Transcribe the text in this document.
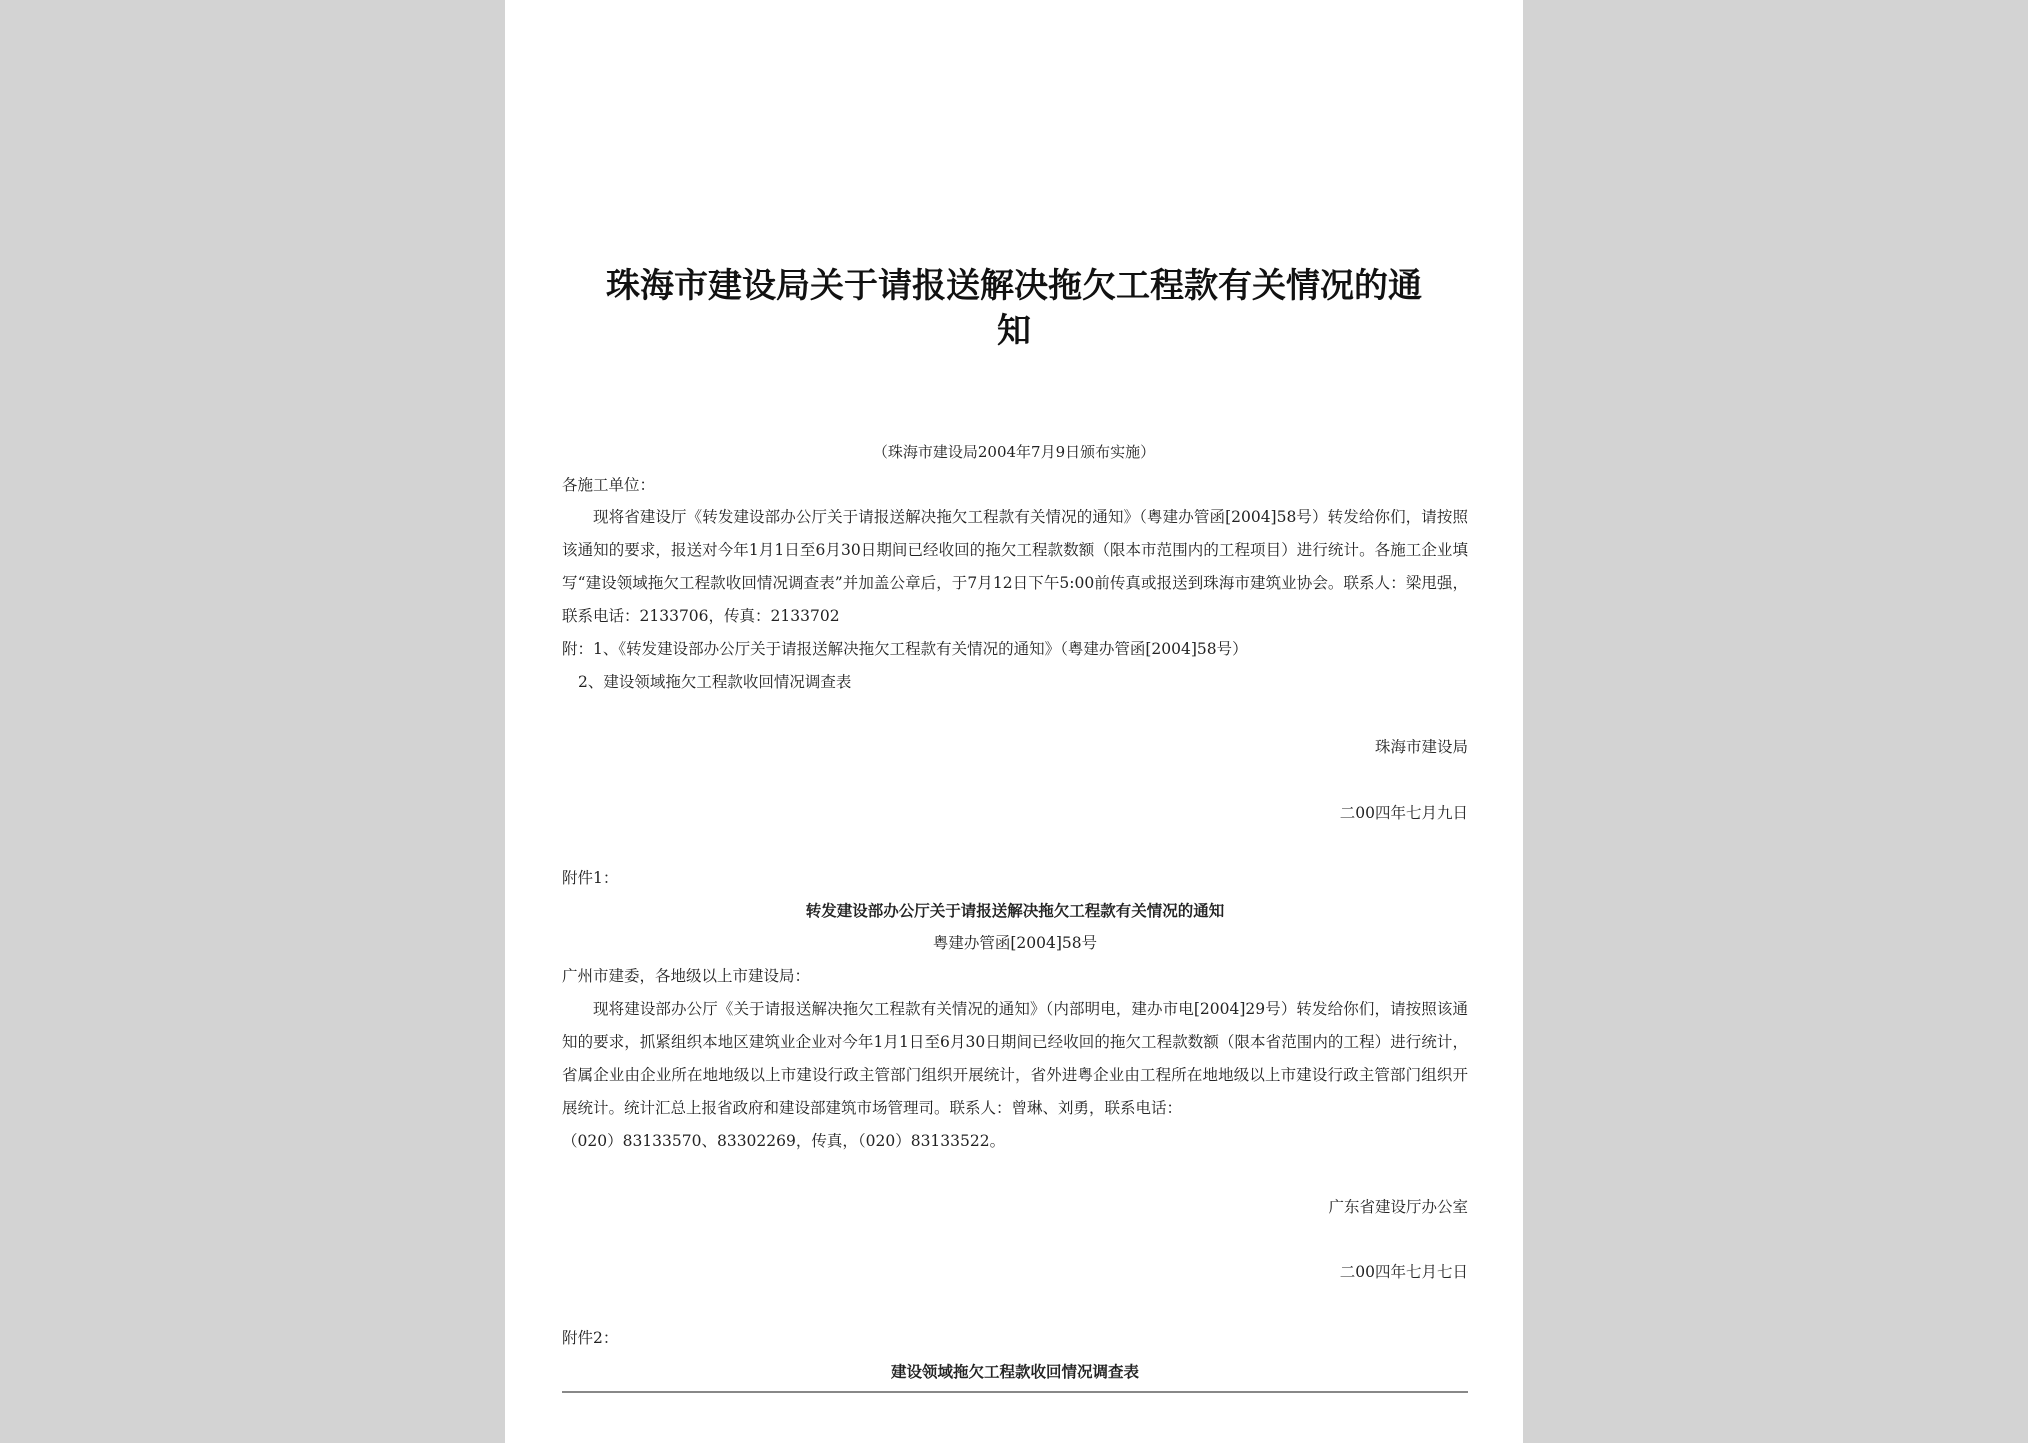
珠海市建设局关于请报送解决拖欠工程款有关情况的通
知
（珠海市建设局2004年7月9日颁布实施）
各施工单位：
现将省建设厅《转发建设部办公厅关于请报送解决拖欠工程款有关情况的通知》（粤建办管函[2004]58号）转发给你们，请按照该通知的要求，报送对今年1月1日至6月30日期间已经收回的拖欠工程款数额（限本市范围内的工程项目）进行统计。各施工企业填写“建设领域拖欠工程款收回情况调查表”并加盖公章后，于7月12日下午5:00前传真或报送到珠海市建筑业协会。联系人：梁甩强，联系电话：2133706，传真：2133702
附：1、《转发建设部办公厅关于请报送解决拖欠工程款有关情况的通知》（粤建办管函[2004]58号）
2、建设领域拖欠工程款收回情况调查表
珠海市建设局
二00四年七月九日
附件1：
转发建设部办公厅关于请报送解决拖欠工程款有关情况的通知
粤建办管函[2004]58号
广州市建委，各地级以上市建设局：
现将建设部办公厅《关于请报送解决拖欠工程款有关情况的通知》（内部明电，建办市电[2004]29号）转发给你们，请按照该通知的要求，抓紧组织本地区建筑业企业对今年1月1日至6月30日期间已经收回的拖欠工程款数额（限本省范围内的工程）进行统计，省属企业由企业所在地地级以上市建设行政主管部门组织开展统计，省外进粤企业由工程所在地地级以上市建设行政主管部门组织开展统计。统计汇总上报省政府和建设部建筑市场管理司。联系人：曾琳、刘勇，联系电话：
（020）83133570、83302269，传真，（020）83133522。
广东省建设厅办公室
二00四年七月七日
附件2：
建设领域拖欠工程款收回情况调查表
